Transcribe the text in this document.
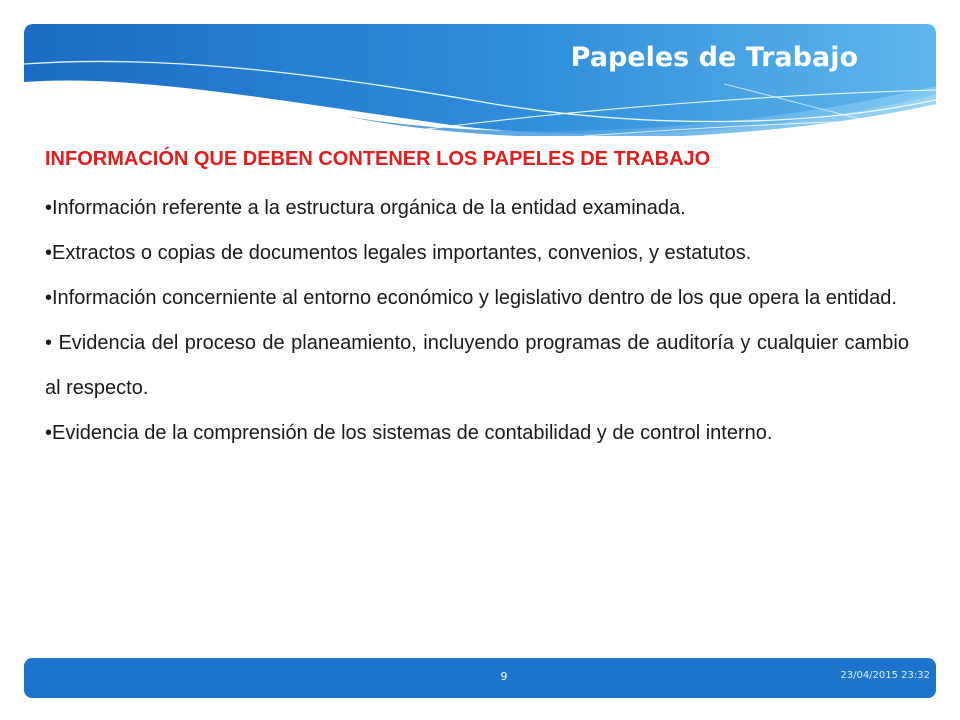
Papeles de Trabajo
INFORMACIÓN QUE DEBEN CONTENER LOS PAPELES DE TRABAJO
•Información referente a la estructura orgánica de la entidad examinada.
•Extractos o copias de documentos legales importantes, convenios, y estatutos.
•Información concerniente al entorno económico y legislativo dentro de los que opera la entidad.
• Evidencia del proceso de planeamiento, incluyendo programas de auditoría y cualquier cambio al respecto.
•Evidencia de la comprensión de los sistemas de contabilidad y de control interno.
9	23/04/2015 23:32
